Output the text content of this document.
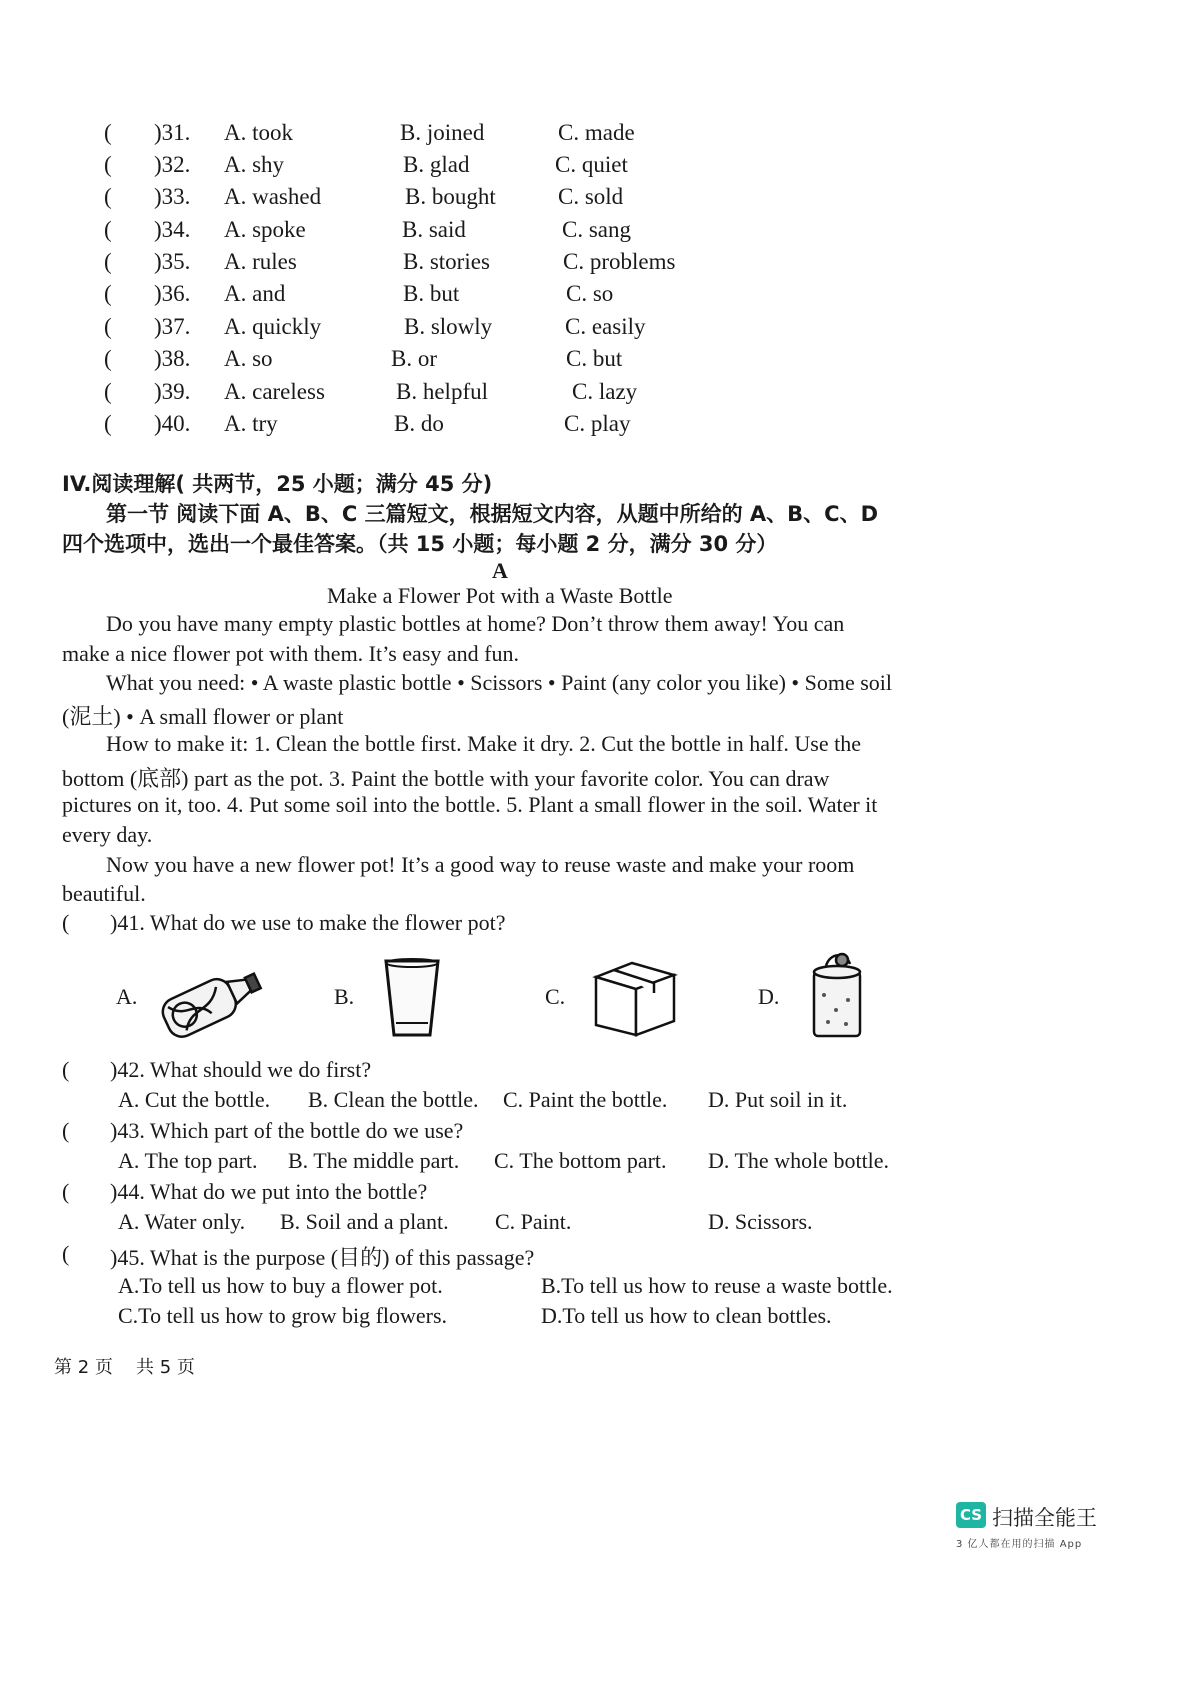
( )31. A. took	B. joined	C. made
( )32. A. shy	B. glad	C. quiet
( )33. A. washed	B. bought	C. sold
( )34. A. spoke	B. said	C. sang
( )35. A. rules	B. stories	C. problems
( )36. A. and	B. but	C. so
( )37. A. quickly	B. slowly	C. easily
( )38. A. so	B. or	C. but
( )39. A. careless	B. helpful	C. lazy
( )40. A. try	B. do	C. play
IV.阅读理解( 共两节，25 小题；满分 45 分)
第一节 阅读下面 A、B、C 三篇短文，根据短文内容，从题中所给的 A、B、C、D
四个选项中，选出一个最佳答案。（共 15 小题；每小题 2 分，满分 30 分）
A
Make a Flower Pot with a Waste Bottle
Do you have many empty plastic bottles at home? Don’t throw them away! You can
make a nice flower pot with them. It’s easy and fun.
What you need: • A waste plastic bottle • Scissors • Paint (any color you like) • Some soil
(泥土) • A small flower or plant
How to make it: 1. Clean the bottle first. Make it dry. 2. Cut the bottle in half. Use the
bottom (底部) part as the pot. 3. Paint the bottle with your favorite color. You can draw
pictures on it, too. 4. Put some soil into the bottle. 5. Plant a small flower in the soil. Water it
every day.
Now you have a new flower pot! It’s a good way to reuse waste and make your room
beautiful.
( )41. What do we use to make the flower pot?
A.	B.	C.	D.
( )42. What should we do first?
A. Cut the bottle. B. Clean the bottle. C. Paint the bottle. D. Put soil in it.
( )43. Which part of the bottle do we use?
A. The top part. B. The middle part. C. The bottom part. D. The whole bottle.
( )44. What do we put into the bottle?
A. Water only. B. Soil and a plant. C. Paint.	D. Scissors.
( )45. What is the purpose (目的) of this passage?
A.To tell us how to buy a flower pot.	B.To tell us how to reuse a waste bottle.
C.To tell us how to grow big flowers.	D.To tell us how to clean bottles.
第 2 页 共 5 页
CS 扫描全能王
3 亿人都在用的扫描 App
